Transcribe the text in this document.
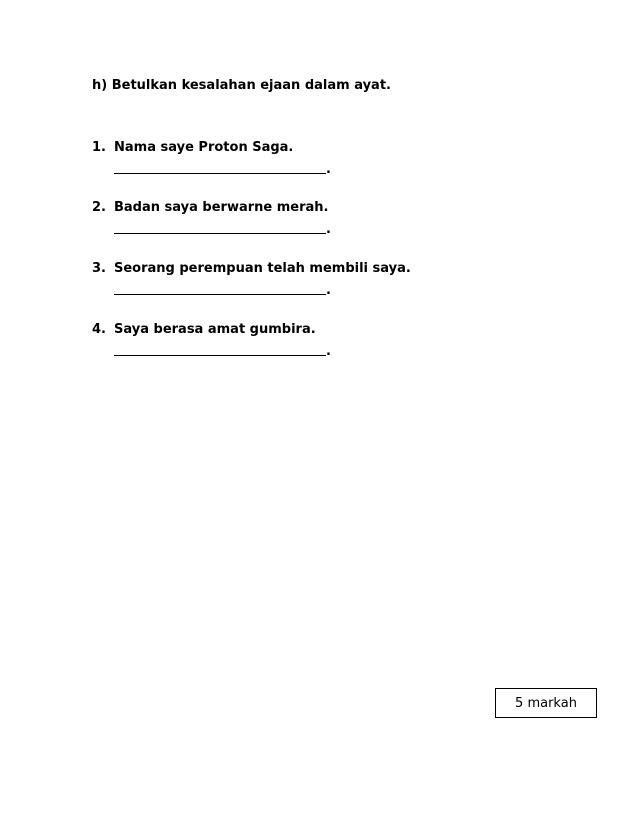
h) Betulkan kesalahan ejaan dalam ayat.
1. Nama saye Proton Saga.
.
2. Badan saya berwarne merah.
.
3. Seorang perempuan telah membili saya.
.
4. Saya berasa amat gumbira.
.
5 markah
